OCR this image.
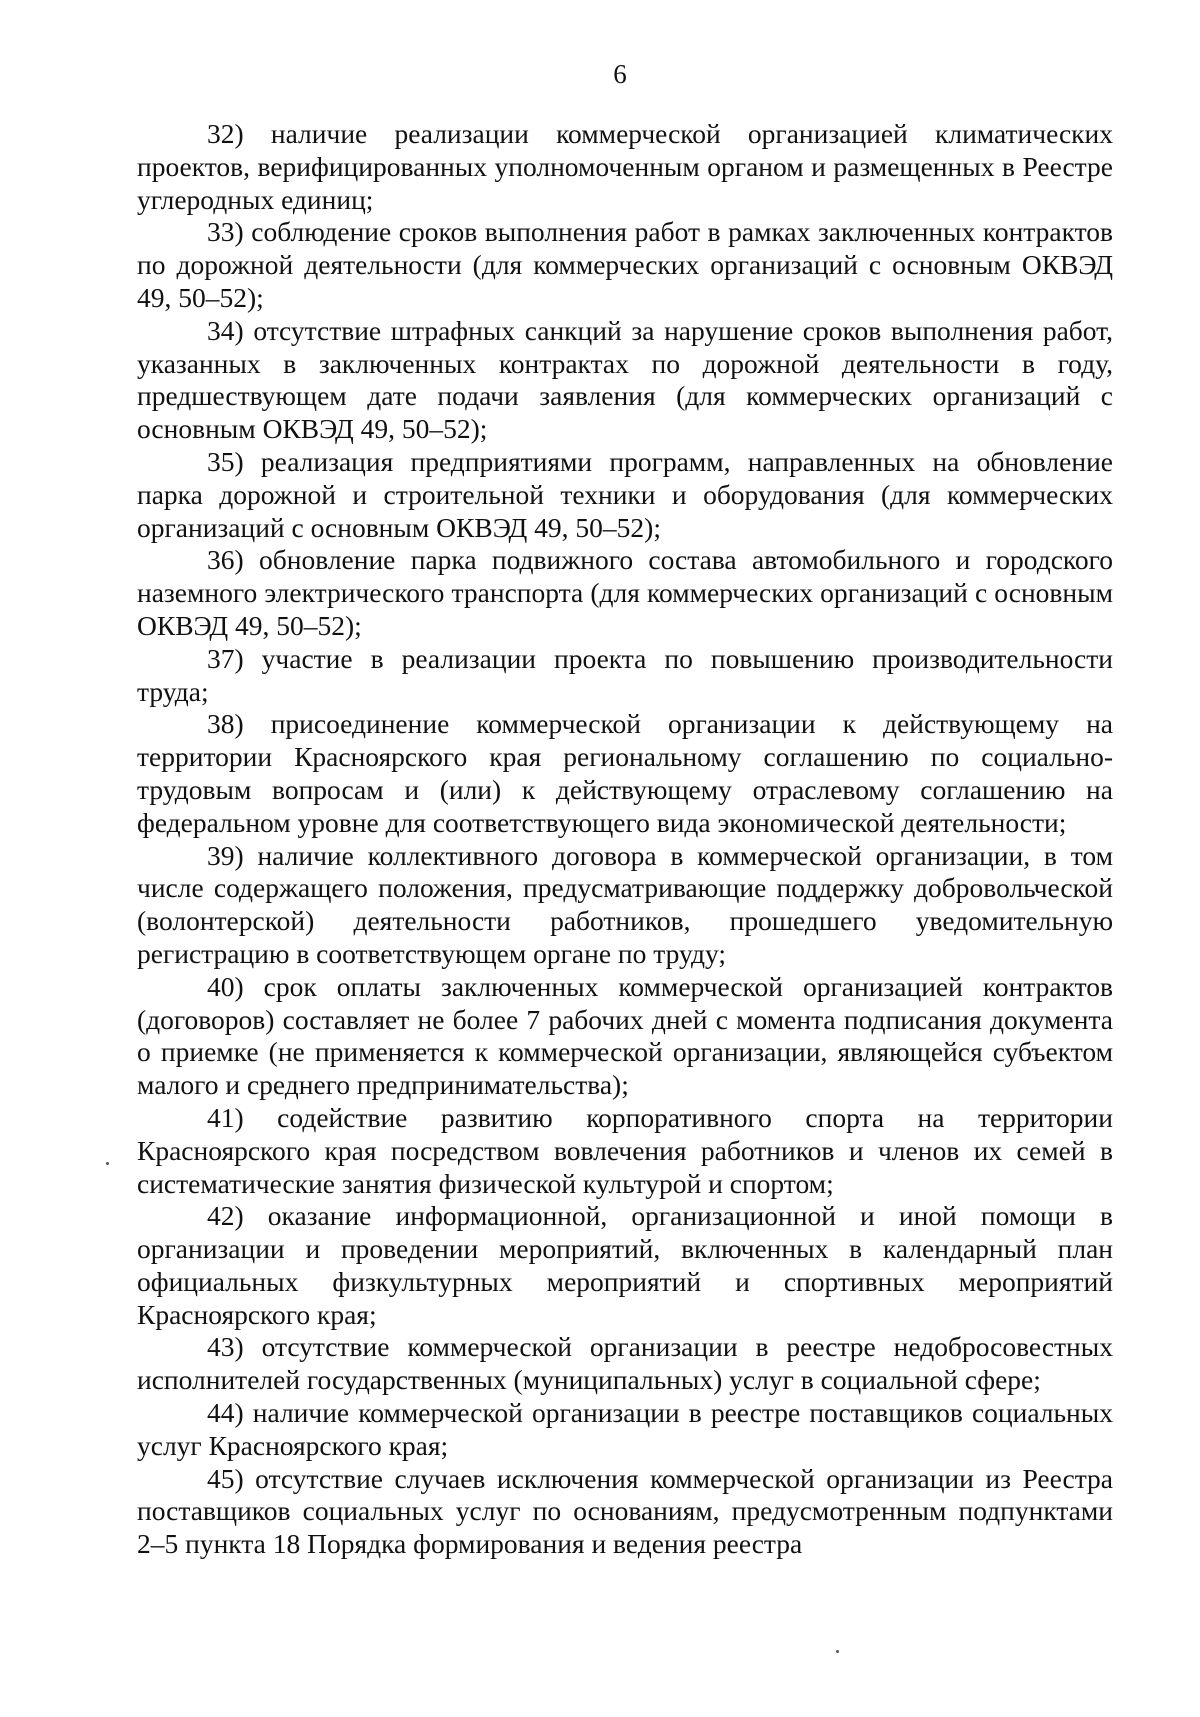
6

32) наличие реализации коммерческой организацией климатических проектов, верифицированных уполномоченным органом и размещенных в Реестре углеродных единиц;

33) соблюдение сроков выполнения работ в рамках заключенных контрактов по дорожной деятельности (для коммерческих организаций с основным ОКВЭД 49, 50–52);

34) отсутствие штрафных санкций за нарушение сроков выполнения работ, указанных в заключенных контрактах по дорожной деятельности в году, предшествующем дате подачи заявления (для коммерческих организаций с основным ОКВЭД 49, 50–52);

35) реализация предприятиями программ, направленных на обновление парка дорожной и строительной техники и оборудования (для коммерческих организаций с основным ОКВЭД 49, 50–52);

36) обновление парка подвижного состава автомобильного и городского наземного электрического транспорта (для коммерческих организаций с основным ОКВЭД 49, 50–52);

37) участие в реализации проекта по повышению производительности труда;

38) присоединение коммерческой организации к действующему на территории Красноярского края региональному соглашению по социально-трудовым вопросам и (или) к действующему отраслевому соглашению на федеральном уровне для соответствующего вида экономической деятельности;

39) наличие коллективного договора в коммерческой организации, в том числе содержащего положения, предусматривающие поддержку добровольческой (волонтерской) деятельности работников, прошедшего уведомительную регистрацию в соответствующем органе по труду;

40) срок оплаты заключенных коммерческой организацией контрактов (договоров) составляет не более 7 рабочих дней с момента подписания документа о приемке (не применяется к коммерческой организации, являющейся субъектом малого и среднего предпринимательства);

41) содействие развитию корпоративного спорта на территории Красноярского края посредством вовлечения работников и членов их семей в систематические занятия физической культурой и спортом;

42) оказание информационной, организационной и иной помощи в организации и проведении мероприятий, включенных в календарный план официальных физкультурных мероприятий и спортивных мероприятий Красноярского края;

43) отсутствие коммерческой организации в реестре недобросовестных исполнителей государственных (муниципальных) услуг в социальной сфере;

44) наличие коммерческой организации в реестре поставщиков социальных услуг Красноярского края;

45) отсутствие случаев исключения коммерческой организации из Реестра поставщиков социальных услуг по основаниям, предусмотренным подпунктами 2–5 пункта 18 Порядка формирования и ведения реестра
